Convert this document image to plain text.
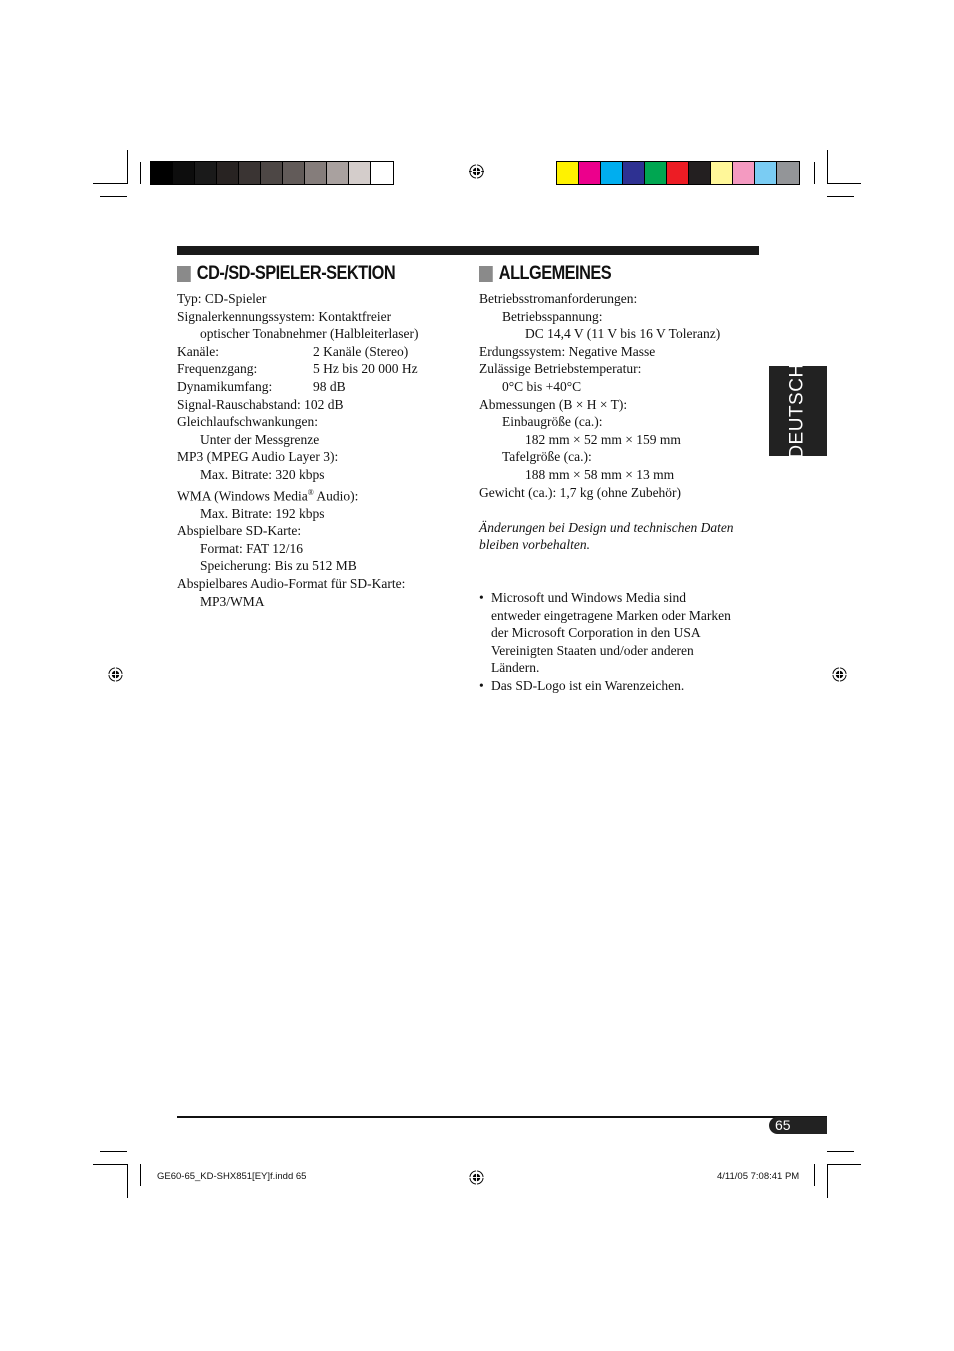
CD-/SD-SPIELER-SEKTION
Typ: CD-Spieler
Signalerkennungssystem: Kontaktfreier
optischer Tonabnehmer (Halbleiterlaser)
Kanäle:	2 Kanäle (Stereo)
Frequenzgang:	5 Hz bis 20 000 Hz
Dynamikumfang:	98 dB
Signal-Rauschabstand: 102 dB
Gleichlaufschwankungen:
Unter der Messgrenze
MP3 (MPEG Audio Layer 3):
Max. Bitrate: 320 kbps
WMA (Windows Media® Audio):
Max. Bitrate: 192 kbps
Abspielbare SD-Karte:
Format: FAT 12/16
Speicherung: Bis zu 512 MB
Abspielbares Audio-Format für SD-Karte:
MP3/WMA
ALLGEMEINES
Betriebsstromanforderungen:
Betriebsspannung:
DC 14,4 V (11 V bis 16 V Toleranz)
Erdungssystem: Negative Masse
Zulässige Betriebstemperatur:
0°C bis +40°C
Abmessungen (B × H × T):
Einbaugröße (ca.):
182 mm × 52 mm × 159 mm
Tafelgröße (ca.):
188 mm × 58 mm × 13 mm
Gewicht (ca.): 1,7 kg (ohne Zubehör)
Änderungen bei Design und technischen Daten
bleiben vorbehalten.
• Microsoft und Windows Media sind
entweder eingetragene Marken oder Marken
der Microsoft Corporation in den USA
Vereinigten Staaten und/oder anderen
Ländern.
• Das SD-Logo ist ein Warenzeichen.
DEUTSCH
65
GE60-65_KD-SHX851[EY]f.indd 65	4/11/05 7:08:41 PM
